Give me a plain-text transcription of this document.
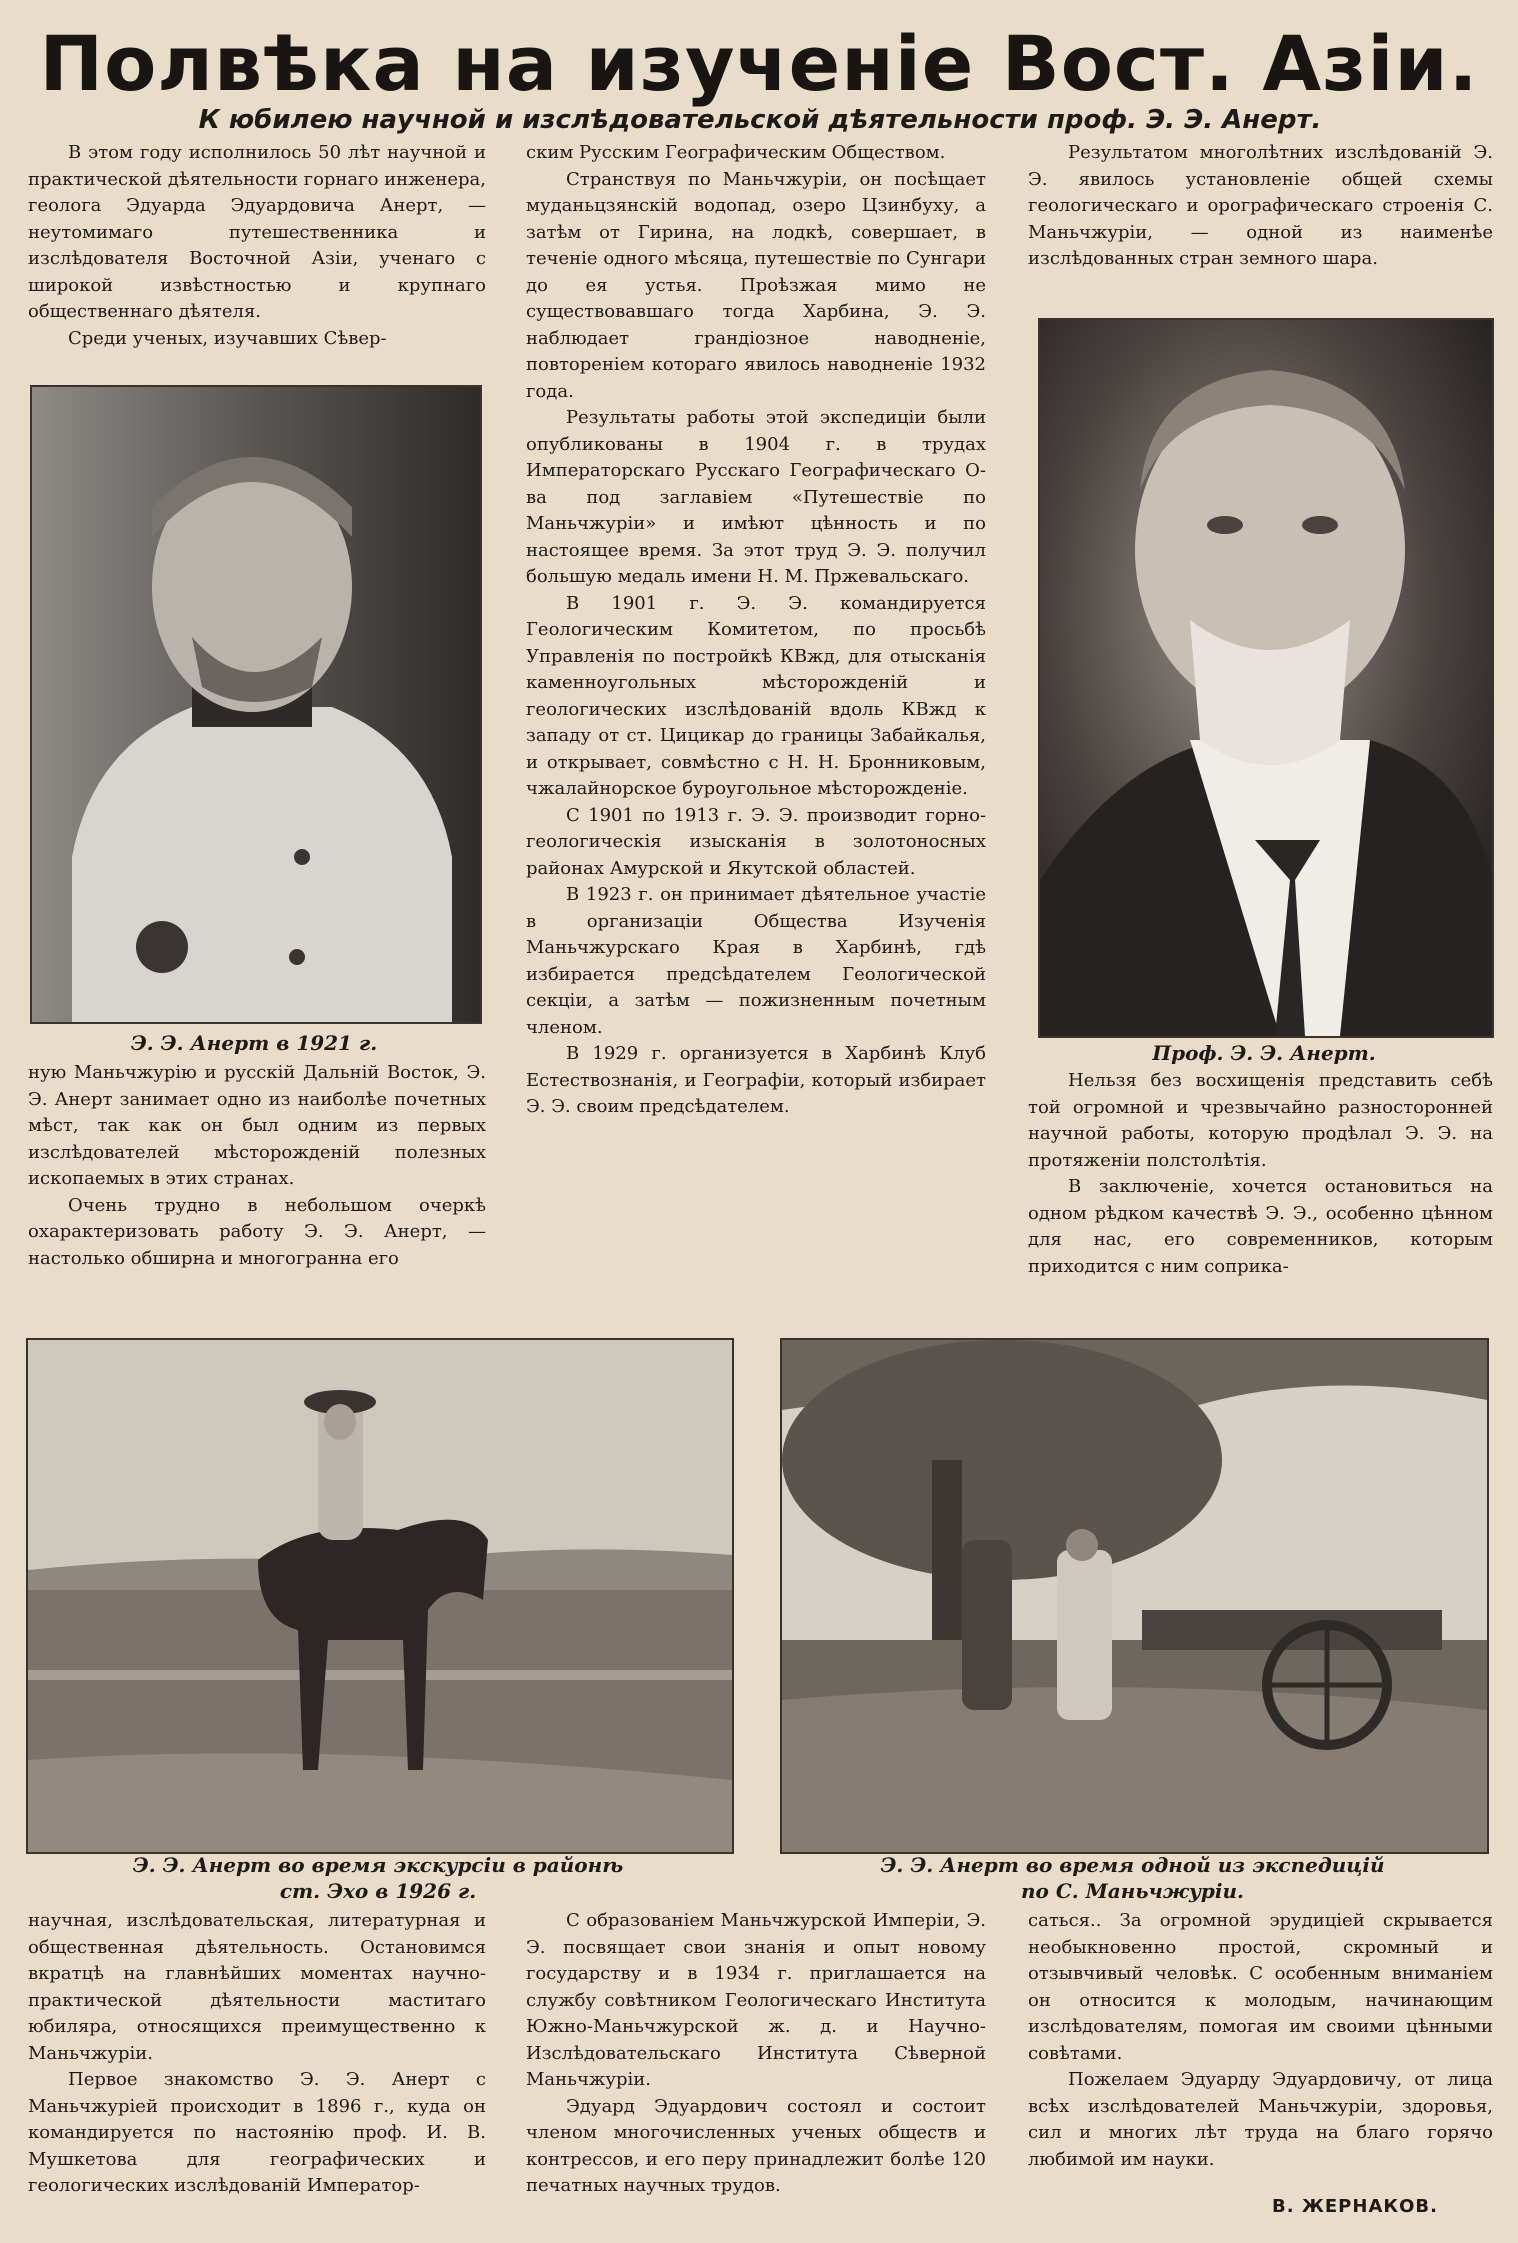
Полвѣка на изученіе Вост. Азіи.
К юбилею научной и изслѣдовательской дѣятельности проф. Э. Э. Анерт.

В этом году исполнилось 50 лѣт научной и практической дѣятельности горнаго инженера, геолога Эдуарда Эдуардовича Анерт, — неутомимаго путешественника и изслѣдователя Восточной Азіи, ученаго с широкой извѣстностью и крупнаго общественнаго дѣятеля.

Среди ученых, изучавших Сѣвер-

Э. Э. Анерт в 1921 г.

ную Маньчжурію и русскій Дальній Восток, Э. Э. Анерт занимает одно из наиболѣе почетных мѣст, так как он был одним из первых изслѣдователей мѣсторожденій полезных ископаемых в этих странах.

Очень трудно в небольшом очеркѣ охарактеризовать работу Э. Э. Анерт, — настолько обширна и многогранна его

ским Русским Географическим Обществом.

Странствуя по Маньчжуріи, он посѣщает муданьцзянскій водопад, озеро Цзинбуху, а затѣм от Гирина, на лодкѣ, совершает, в теченіе одного мѣсяца, путешествіе по Сунгари до ея устья. Проѣзжая мимо не существовавшаго тогда Харбина, Э. Э. наблюдает грандіозное наводненіе, повтореніем котораго явилось наводненіе 1932 года.

Результаты работы этой экспедиціи были опубликованы в 1904 г. в трудах Императорскаго Русскаго Географическаго О-ва под заглавіем «Путешествіе по Маньчжуріи» и имѣют цѣнность и по настоящее время. За этот труд Э. Э. получил большую медаль имени Н. М. Пржевальскаго.

В 1901 г. Э. Э. командируется Геологическим Комитетом, по просьбѣ Управленія по постройкѣ КВжд, для отысканія каменноугольных мѣсторожденій и геологических изслѣдованій вдоль КВжд к западу от ст. Цицикар до границы Забайкалья, и открывает, совмѣстно с Н. Н. Бронниковым, чжалайнорское буроугольное мѣсторожденіе.

С 1901 по 1913 г. Э. Э. производит горно-геологическія изысканія в золотоносных районах Амурской и Якутской областей.

В 1923 г. он принимает дѣятельное участіе в организаціи Общества Изученія Маньчжурскаго Края в Харбинѣ, гдѣ избирается предсѣдателем Геологической секціи, а затѣм — пожизненным почетным членом.

В 1929 г. организуется в Харбинѣ Клуб Естествознанія, и Географіи, который избирает Э. Э. своим предсѣдателем.

Результатом многолѣтних изслѣдованій Э. Э. явилось установленіе общей схемы геологическаго и орографическаго строенія С. Маньчжуріи, — одной из наименѣе изслѣдованных стран земного шара.

Проф. Э. Э. Анерт.

Нельзя без восхищенія представить себѣ той огромной и чрезвычайно разносторонней научной работы, которую продѣлал Э. Э. на протяженіи полстолѣтія.

В заключеніе, хочется остановиться на одном рѣдком качествѣ Э. Э., особенно цѣнном для нас, его современников, которым приходится с ним соприка-

Э. Э. Анерт во время экскурсіи в районѣ
ст. Эхо в 1926 г.
Э. Э. Анерт во время одной из экспедицій
по С. Маньчжуріи.

научная, изслѣдовательская, литературная и общественная дѣятельность. Остановимся вкратцѣ на главнѣйших моментах научно-практической дѣятельности маститаго юбиляра, относящихся преимущественно к Маньчжуріи.

Первое знакомство Э. Э. Анерт с Маньчжуріей происходит в 1896 г., куда он командируется по настоянію проф. И. В. Мушкетова для географических и геологических изслѣдованій Император-

С образованіем Маньчжурской Имперіи, Э. Э. посвящает свои знанія и опыт новому государству и в 1934 г. приглашается на службу совѣтником Геологическаго Института Южно-Маньчжурской ж. д. и Научно-Изслѣдовательскаго Института Сѣверной Маньчжуріи.

Эдуард Эдуардович состоял и состоит членом многочисленных ученых обществ и контрессов, и его перу принадлежит болѣе 120 печатных научных трудов.

саться.. За огромной эрудиціей скрывается необыкновенно простой, скромный и отзывчивый человѣк. С особенным вниманіем он относится к молодым, начинающим изслѣдователям, помогая им своими цѣнными совѣтами.

Пожелаем Эдуарду Эдуардовичу, от лица всѣх изслѣдователей Маньчжуріи, здоровья, сил и многих лѣт труда на благо горячо любимой им науки.

В. ЖЕРНАКОВ.
